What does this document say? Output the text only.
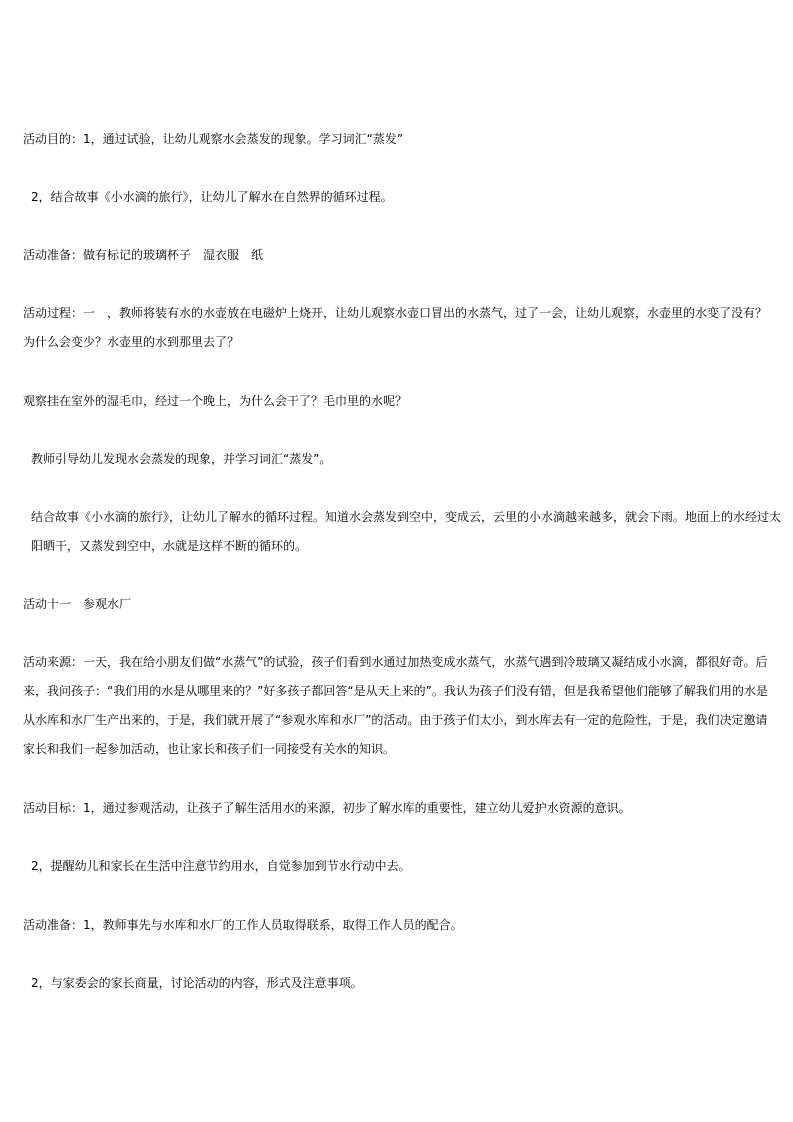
活动目的：1，通过试验，让幼儿观察水会蒸发的现象。学习词汇“蒸发”

2，结合故事《小水滴的旅行》，让幼儿了解水在自然界的循环过程。

活动准备：做有标记的玻璃杯子　湿衣服　纸

活动过程：一　，教师将装有水的水壶放在电磁炉上烧开，让幼儿观察水壶口冒出的水蒸气，过了一会，让幼儿观察，水壶里的水变了没有？为什么会变少？水壶里的水到那里去了？

观察挂在室外的湿毛巾，经过一个晚上，为什么会干了？毛巾里的水呢？

教师引导幼儿发现水会蒸发的现象，并学习词汇“蒸发”。

结合故事《小水滴的旅行》，让幼儿了解水的循环过程。知道水会蒸发到空中，变成云，云里的小水滴越来越多，就会下雨。地面上的水经过太阳晒干，又蒸发到空中，水就是这样不断的循环的。

活动十一　参观水厂

活动来源：一天，我在给小朋友们做“水蒸气”的试验，孩子们看到水通过加热变成水蒸气，水蒸气遇到冷玻璃又凝结成小水滴，都很好奇。后来，我问孩子：“我们用的水是从哪里来的？”好多孩子都回答“是从天上来的”。我认为孩子们没有错，但是我希望他们能够了解我们用的水是从水库和水厂生产出来的，于是，我们就开展了“参观水库和水厂”的活动。由于孩子们太小，到水库去有一定的危险性，于是，我们决定邀请家长和我们一起参加活动，也让家长和孩子们一同接受有关水的知识。

活动目标：1，通过参观活动，让孩子了解生活用水的来源，初步了解水库的重要性，建立幼儿爱护水资源的意识。

2，提醒幼儿和家长在生活中注意节约用水，自觉参加到节水行动中去。

活动准备：1，教师事先与水库和水厂的工作人员取得联系，取得工作人员的配合。

2，与家委会的家长商量，讨论活动的内容，形式及注意事项。
